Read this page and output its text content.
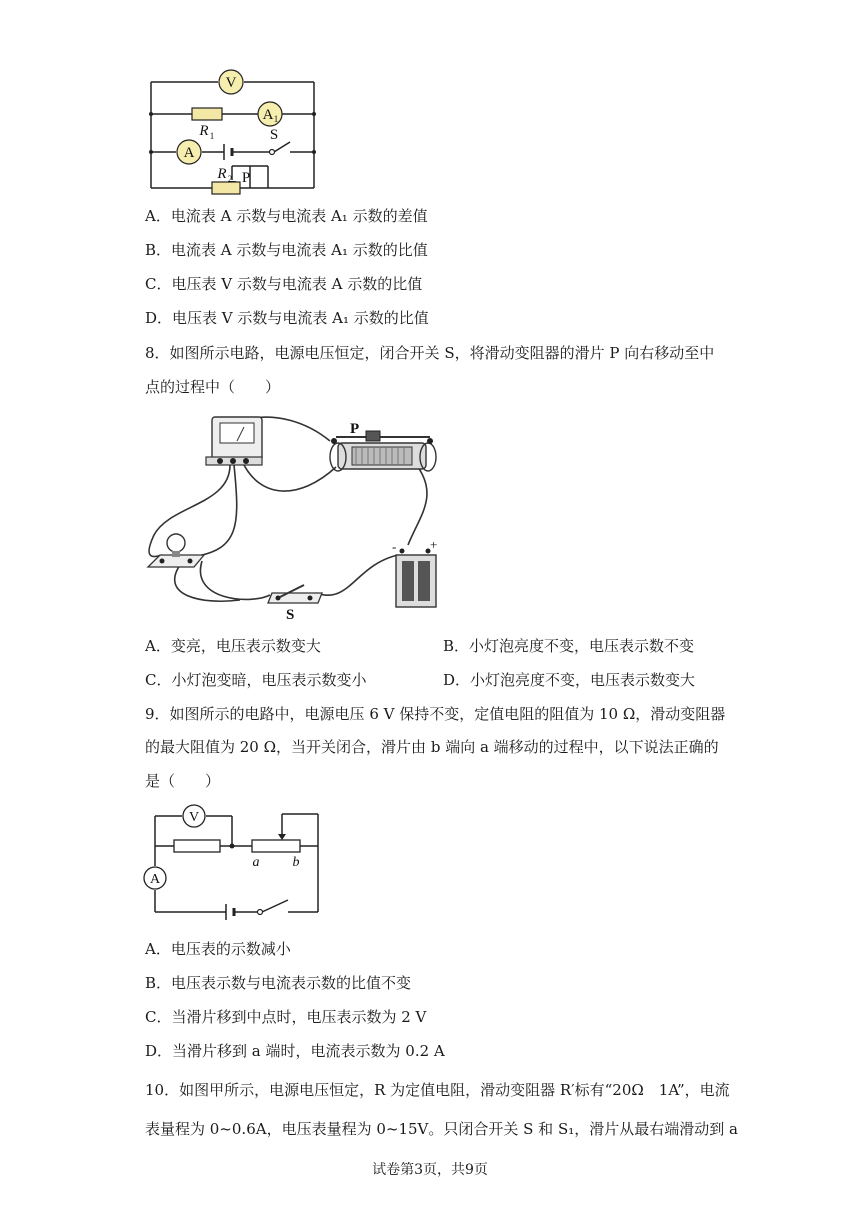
V
A 1
A
S
R 1
R 2 P
A．电流表 A 示数与电流表 A₁ 示数的差值
B．电流表 A 示数与电流表 A₁ 示数的比值
C．电压表 V 示数与电流表 A 示数的比值
D．电压表 V 示数与电流表 A₁ 示数的比值
8．如图所示电路，电源电压恒定，闭合开关 S，将滑动变阻器的滑片 P 向右移动至中
点的过程中（　　）
P
S
-	+
A．变亮，电压表示数变大	B．小灯泡亮度不变，电压表示数不变
C．小灯泡变暗，电压表示数变小	D．小灯泡亮度不变，电压表示数变大
9．如图所示的电路中，电源电压 6 V 保持不变，定值电阻的阻值为 10 Ω，滑动变阻器
的最大阻值为 20 Ω，当开关闭合，滑片由 b 端向 a 端移动的过程中，以下说法正确的
是（　　）
V
A
a b
A．电压表的示数减小
B．电压表示数与电流表示数的比值不变
C．当滑片移到中点时，电压表示数为 2 V
D．当滑片移到 a 端时，电流表示数为 0.2 A
10．如图甲所示，电源电压恒定，R 为定值电阻，滑动变阻器 R′标有“20Ω　1A”，电流
表量程为 0~0.6A，电压表量程为 0~15V。只闭合开关 S 和 S₁，滑片从最右端滑动到 a
试卷第3页，共9页
